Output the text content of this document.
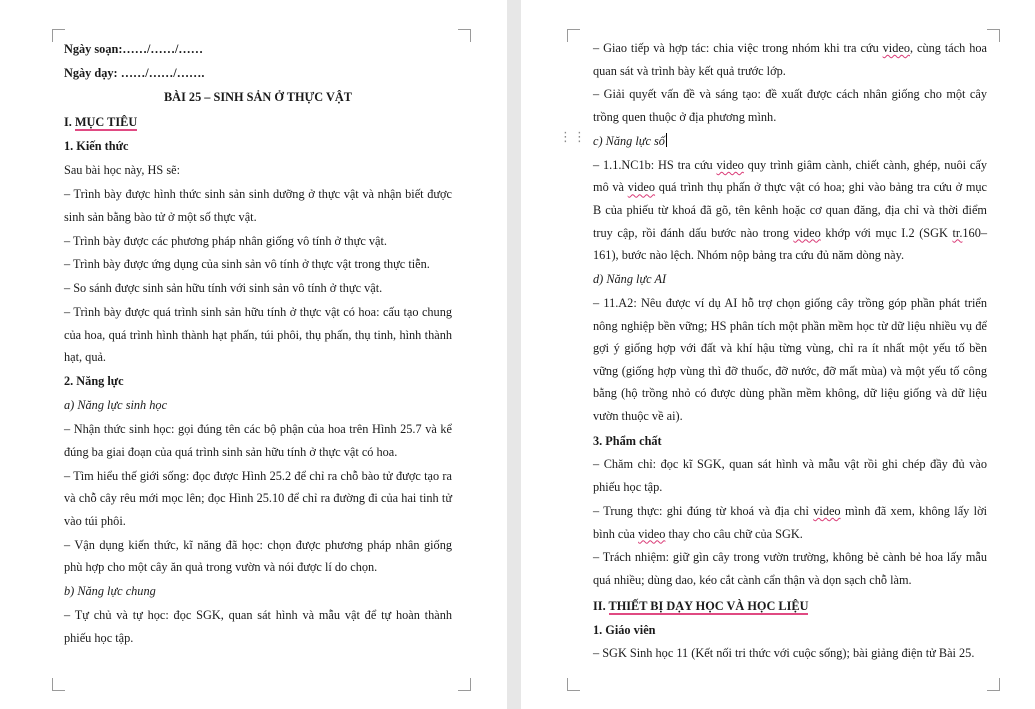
Ngày soạn:……/……/……

Ngày dạy: ……/……/…….

BÀI 25 – SINH SẢN Ở THỰC VẬT

I. MỤC TIÊU

1. Kiến thức

Sau bài học này, HS sẽ:

– Trình bày được hình thức sinh sản sinh dưỡng ở thực vật và nhận biết được sinh sản bằng bào tử ở một số thực vật.

– Trình bày được các phương pháp nhân giống vô tính ở thực vật.

– Trình bày được ứng dụng của sinh sản vô tính ở thực vật trong thực tiễn.

– So sánh được sinh sản hữu tính với sinh sản vô tính ở thực vật.

– Trình bày được quá trình sinh sản hữu tính ở thực vật có hoa: cấu tạo chung của hoa, quá trình hình thành hạt phấn, túi phôi, thụ phấn, thụ tinh, hình thành hạt, quả.

2. Năng lực

a) Năng lực sinh học

– Nhận thức sinh học: gọi đúng tên các bộ phận của hoa trên Hình 25.7 và kể đúng ba giai đoạn của quá trình sinh sản hữu tính ở thực vật có hoa.

– Tìm hiểu thế giới sống: đọc được Hình 25.2 để chỉ ra chỗ bào tử được tạo ra và chỗ cây rêu mới mọc lên; đọc Hình 25.10 để chỉ ra đường đi của hai tinh tử vào túi phôi.

– Vận dụng kiến thức, kĩ năng đã học: chọn được phương pháp nhân giống phù hợp cho một cây ăn quả trong vườn và nói được lí do chọn.

b) Năng lực chung

– Tự chủ và tự học: đọc SGK, quan sát hình và mẫu vật để tự hoàn thành phiếu học tập.

⋮⋮

– Giao tiếp và hợp tác: chia việc trong nhóm khi tra cứu video, cùng tách hoa quan sát và trình bày kết quả trước lớp.

– Giải quyết vấn đề và sáng tạo: đề xuất được cách nhân giống cho một cây trồng quen thuộc ở địa phương mình.

c) Năng lực số

– 1.1.NC1b: HS tra cứu video quy trình giâm cành, chiết cành, ghép, nuôi cấy mô và video quá trình thụ phấn ở thực vật có hoa; ghi vào bảng tra cứu ở mục B của phiếu từ khoá đã gõ, tên kênh hoặc cơ quan đăng, địa chỉ và thời điểm truy cập, rồi đánh dấu bước nào trong video khớp với mục I.2 (SGK tr.160–161), bước nào lệch. Nhóm nộp bảng tra cứu đủ năm dòng này.

d) Năng lực AI

– 11.A2: Nêu được ví dụ AI hỗ trợ chọn giống cây trồng góp phần phát triển nông nghiệp bền vững; HS phân tích một phần mềm học từ dữ liệu nhiều vụ để gợi ý giống hợp với đất và khí hậu từng vùng, chỉ ra ít nhất một yếu tố bền vững (giống hợp vùng thì đỡ thuốc, đỡ nước, đỡ mất mùa) và một yếu tố công bằng (hộ trồng nhỏ có được dùng phần mềm không, dữ liệu giống và dữ liệu vườn thuộc về ai).

3. Phẩm chất

– Chăm chỉ: đọc kĩ SGK, quan sát hình và mẫu vật rồi ghi chép đầy đủ vào phiếu học tập.

– Trung thực: ghi đúng từ khoá và địa chỉ video mình đã xem, không lấy lời bình của video thay cho câu chữ của SGK.

– Trách nhiệm: giữ gìn cây trong vườn trường, không bẻ cành bẻ hoa lấy mẫu quá nhiều; dùng dao, kéo cắt cành cẩn thận và dọn sạch chỗ làm.

II. THIẾT BỊ DẠY HỌC VÀ HỌC LIỆU

1. Giáo viên

– SGK Sinh học 11 (Kết nối tri thức với cuộc sống); bài giảng điện tử Bài 25.
